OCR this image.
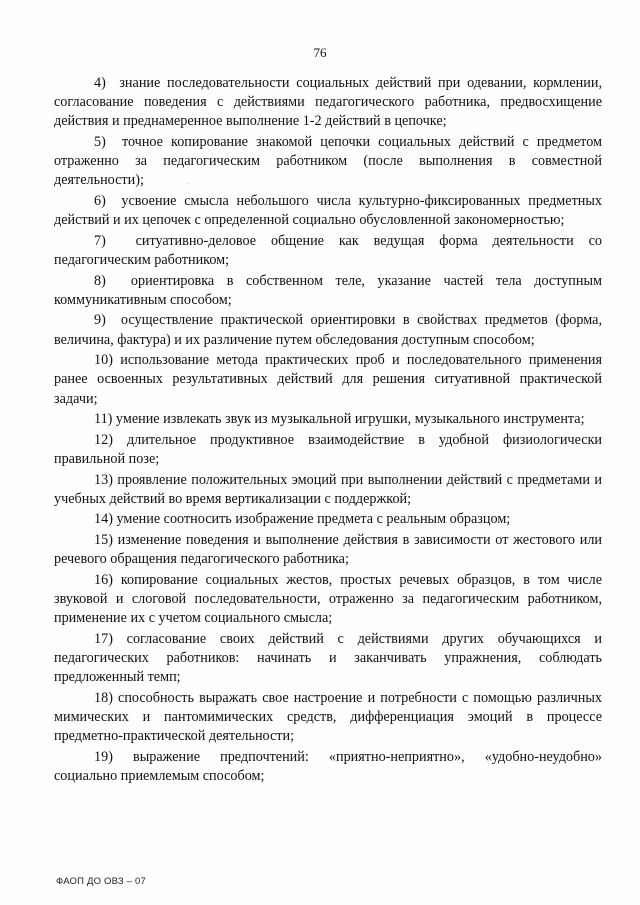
76

4)  знание последовательности социальных действий при одевании, кормлении, согласование поведения с действиями педагогического работника, предвосхищение действия и преднамеренное выполнение 1-2 действий в цепочке;

5)  точное копирование знакомой цепочки социальных действий с предметом отраженно за педагогическим работником (после выполнения в совместной деятельности);

6)  усвоение смысла небольшого числа культурно-фиксированных предметных действий и их цепочек с определенной социально обусловленной закономерностью;

7)  ситуативно-деловое общение как ведущая форма деятельности со педагогическим работником;

8)  ориентировка в собственном теле, указание частей тела доступным коммуникативным способом;

9)  осуществление практической ориентировки в свойствах предметов (форма, величина, фактура) и их различение путем обследования доступным способом;

10) использование метода практических проб и последовательного применения ранее освоенных результативных действий для решения ситуативной практической задачи;

11) умение извлекать звук из музыкальной игрушки, музыкального инструмента;

12) длительное продуктивное взаимодействие в удобной физиологически правильной позе;

13) проявление положительных эмоций при выполнении действий с предметами и учебных действий во время вертикализации с поддержкой;

14) умение соотносить изображение предмета с реальным образцом;

15) изменение поведения и выполнение действия в зависимости от жестового или речевого обращения педагогического работника;

16) копирование социальных жестов, простых речевых образцов, в том числе звуковой и слоговой последовательности, отраженно за педагогическим работником, применение их с учетом социального смысла;

17) согласование своих действий с действиями других обучающихся и педагогических работников: начинать и заканчивать упражнения, соблюдать предложенный темп;

18) способность выражать свое настроение и потребности с помощью различных мимических и пантомимических средств, дифференциация эмоций в процессе предметно-практической деятельности;

19) выражение предпочтений: «приятно-неприятно», «удобно-неудобно» социально приемлемым способом;

`
ФАОП ДО ОВЗ – 07
